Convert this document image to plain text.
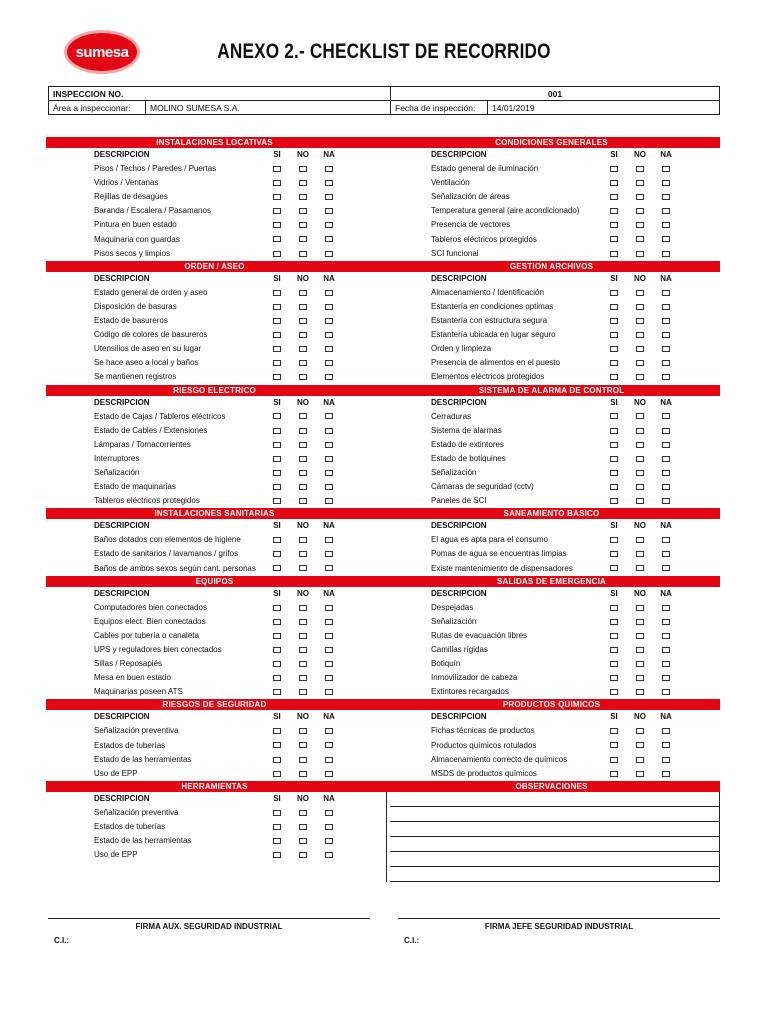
sumesa	ANEXO 2.- CHECKLIST DE RECORRIDO
INSPECCION NO.		001	
Área a inspeccionar:	MOLINO SUMESA S.A.	Fecha de inspección:	14/01/2019
INSTALACIONES LOCATIVAS
DESCRIPCION	SI	NO	NA
Pisos / Techos / Paredes / Puertas
Vidrios / Ventanas
Rejillas de desagües
Baranda / Escalera / Pasamanos
Pintura en buen estado
Maquinaria con guardas
Pisos secos y limpios
ORDEN / ASEO
DESCRIPCION	SI	NO	NA
Estado general de orden y aseo
Disposición de basuras
Estado de basureros
Código de colores de basureros
Utensilios de aseo en su lugar
Se hace aseo a local y baños
Se mantienen registros
RIESGO ELECTRICO
DESCRIPCION	SI	NO	NA
Estado de Cajas / Tableros eléctricos
Estado de Cables / Extensiones
Lámparas / Tomacorrientes
Interruptores
Señalización
Estado de maquinarias
Tableros eléctricos protegidos
INSTALACIONES SANITARIAS
DESCRIPCION	SI	NO	NA
Baños dotados con elementos de higiene
Estado de sanitarios / lavamanos / grifos
Baños de ambos sexos según cant. personas
EQUIPOS
DESCRIPCION	SI	NO	NA
Computadores bien conectados
Equipos elect. Bien conectados
Cables por tubería o canaleta
UPS y reguladores bien conectados
Sillas / Reposapiés
Mesa en buen estado
Maquinarias poseen ATS
RIESGOS DE SEGURIDAD
DESCRIPCION	SI	NO	NA
Señalización preventiva
Estados de tuberías
Estado de las herramientas
Uso de EPP
HERRAMIENTAS
DESCRIPCION	SI	NO	NA
Señalización preventiva
Estados de tuberías
Estado de las herramientas
Uso de EPP
CONDICIONES GENERALES
DESCRIPCION	SI	NO	NA
Estado general de iluminación
Ventilación
Señalización de áreas
Temperatura general (aire acondicionado)
Presencia de vectores
Tableros eléctricos protegidos
SCI funcional
GESTION ARCHIVOS
DESCRIPCION	SI	NO	NA
Almacenamiento / Identificación
Estantería en condiciones optimas
Estantería con estructura segura
Estantería ubicada en lugar seguro
Orden y limpieza
Presencia de alimentos en el puesto
Elementos eléctricos protegidos
SISTEMA DE ALARMA DE CONTROL
DESCRIPCION	SI	NO	NA
Cerraduras
Sistema de alarmas
Estado de extintores
Estado de botiquines
Señalización
Cámaras de seguridad (cctv)
Paneles de SCI
SANEAMIENTO BASICO
DESCRIPCION	SI	NO	NA
El agua es apta para el consumo
Pomas de agua se encuentras limpias
Existe mantenimiento de dispensadores
SALIDAS DE EMERGENCIA
DESCRIPCION	SI	NO	NA
Despejadas
Señalización
Rutas de evacuación libres
Camillas rígidas
Botiquín
Inmovilizador de cabeza
Extintores recargados
PRODUCTOS QUIMICOS
DESCRIPCION	SI	NO	NA
Fichas técnicas de productos
Productos químicos rotulados
Almacenamiento correcto de químicos
MSDS de productos químicos
OBSERVACIONES
FIRMA AUX. SEGURIDAD INDUSTRIAL
C.I.:
FIRMA JEFE SEGURIDAD INDUSTRIAL
C.I.:
